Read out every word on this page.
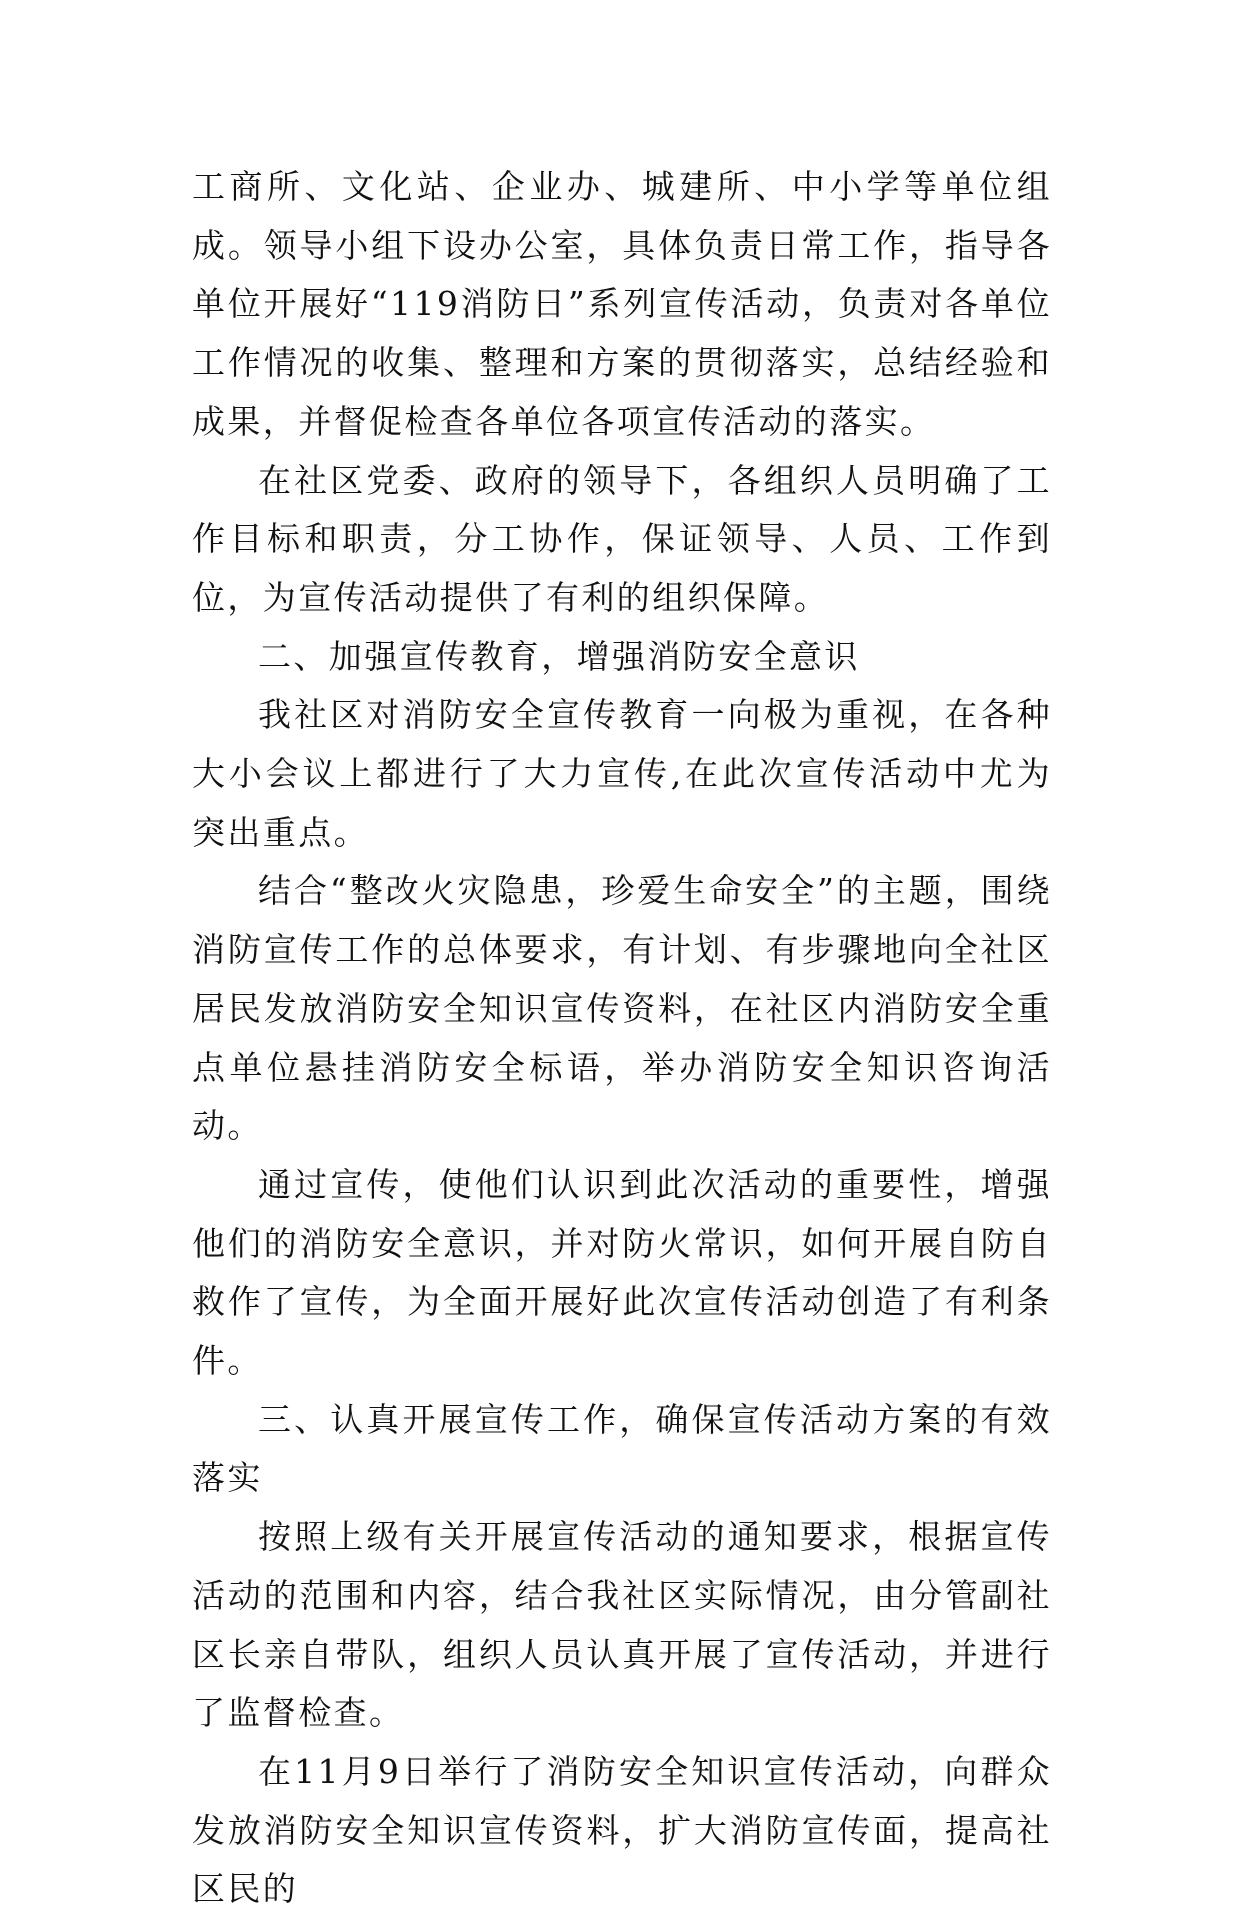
工商所、文化站、企业办、城建所、中小学等单位组成。领导小组下设办公室，具体负责日常工作，指导各单位开展好“119消防日”系列宣传活动，负责对各单位工作情况的收集、整理和方案的贯彻落实，总结经验和成果，并督促检查各单位各项宣传活动的落实。

在社区党委、政府的领导下，各组织人员明确了工作目标和职责，分工协作，保证领导、人员、工作到位，为宣传活动提供了有利的组织保障。

二、加强宣传教育，增强消防安全意识

我社区对消防安全宣传教育一向极为重视，在各种大小会议上都进行了大力宣传,在此次宣传活动中尤为突出重点。

结合“整改火灾隐患，珍爱生命安全”的主题，围绕消防宣传工作的总体要求，有计划、有步骤地向全社区居民发放消防安全知识宣传资料，在社区内消防安全重点单位悬挂消防安全标语，举办消防安全知识咨询活动。

通过宣传，使他们认识到此次活动的重要性，增强他们的消防安全意识，并对防火常识，如何开展自防自救作了宣传，为全面开展好此次宣传活动创造了有利条件。

三、认真开展宣传工作，确保宣传活动方案的有效落实

按照上级有关开展宣传活动的通知要求，根据宣传活动的范围和内容，结合我社区实际情况，由分管副社区长亲自带队，组织人员认真开展了宣传活动，并进行了监督检查。

在11月9日举行了消防安全知识宣传活动，向群众发放消防安全知识宣传资料，扩大消防宣传面，提高社区民的
